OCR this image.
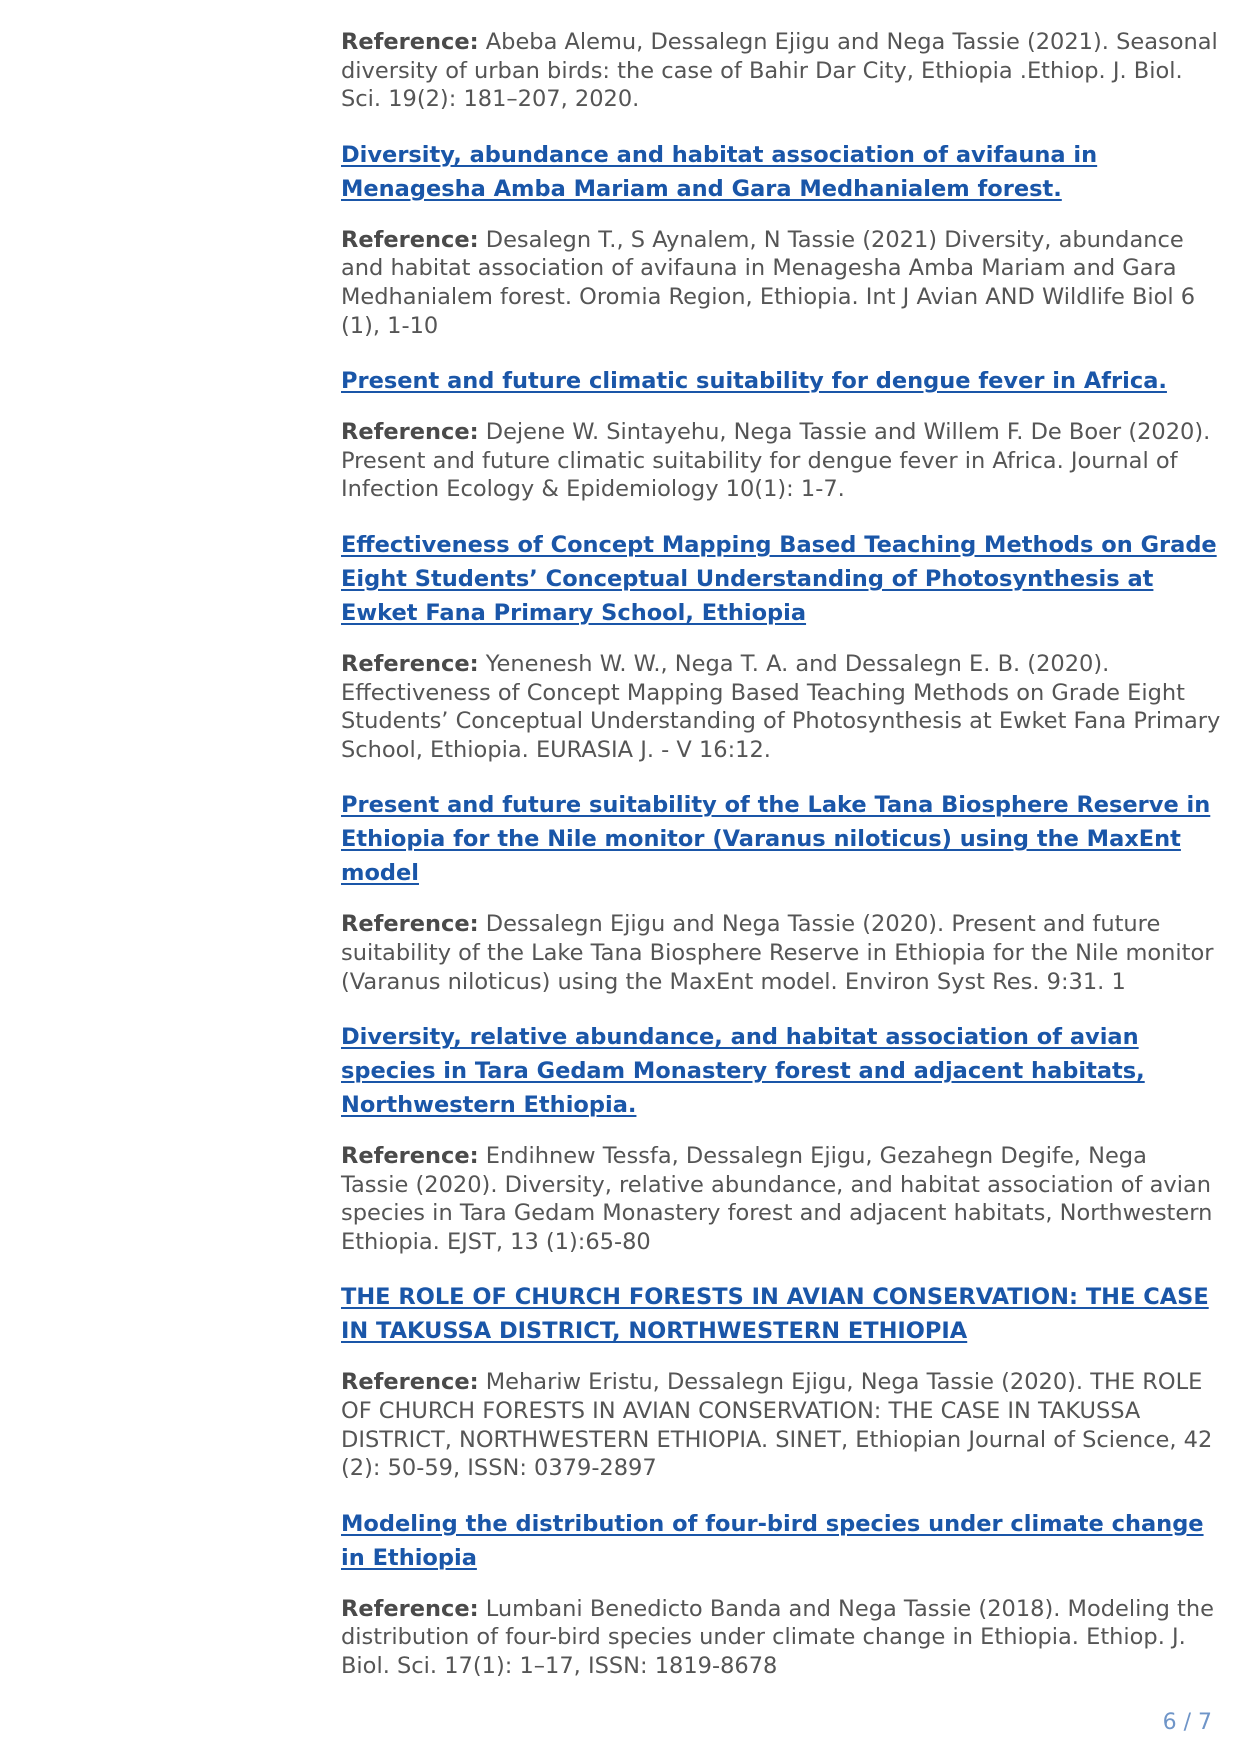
Reference: Abeba Alemu, Dessalegn Ejigu and Nega Tassie (2021). Seasonal diversity of urban birds: the case of Bahir Dar City, Ethiopia .Ethiop. J. Biol. Sci. 19(2): 181–207, 2020.

Diversity, abundance and habitat association of avifauna in Menagesha Amba Mariam and Gara Medhanialem forest.

Reference: Desalegn T., S Aynalem, N Tassie (2021) Diversity, abundance and habitat association of avifauna in Menagesha Amba Mariam and Gara Medhanialem forest. Oromia Region, Ethiopia. Int J Avian AND Wildlife Biol 6 (1), 1-10

Present and future climatic suitability for dengue fever in Africa.

Reference: Dejene W. Sintayehu, Nega Tassie and Willem F. De Boer (2020). Present and future climatic suitability for dengue fever in Africa. Journal of Infection Ecology & Epidemiology 10(1): 1-7.

Effectiveness of Concept Mapping Based Teaching Methods on Grade Eight Students’ Conceptual Understanding of Photosynthesis at Ewket Fana Primary School, Ethiopia

Reference: Yenenesh W. W., Nega T. A. and Dessalegn E. B. (2020). Effectiveness of Concept Mapping Based Teaching Methods on Grade Eight Students’ Conceptual Understanding of Photosynthesis at Ewket Fana Primary School, Ethiopia. EURASIA J. - V 16:12.

Present and future suitability of the Lake Tana Biosphere Reserve in Ethiopia for the Nile monitor (Varanus niloticus) using the MaxEnt model

Reference: Dessalegn Ejigu and Nega Tassie (2020). Present and future suitability of the Lake Tana Biosphere Reserve in Ethiopia for the Nile monitor (Varanus niloticus) using the MaxEnt model. Environ Syst Res. 9:31. 1

Diversity, relative abundance, and habitat association of avian species in Tara Gedam Monastery forest and adjacent habitats, Northwestern Ethiopia.

Reference: Endihnew Tessfa, Dessalegn Ejigu, Gezahegn Degife, Nega Tassie (2020). Diversity, relative abundance, and habitat association of avian species in Tara Gedam Monastery forest and adjacent habitats, Northwestern Ethiopia. EJST, 13 (1):65-80

THE ROLE OF CHURCH FORESTS IN AVIAN CONSERVATION: THE CASE IN TAKUSSA DISTRICT, NORTHWESTERN ETHIOPIA

Reference: Mehariw Eristu, Dessalegn Ejigu, Nega Tassie (2020). THE ROLE OF CHURCH FORESTS IN AVIAN CONSERVATION: THE CASE IN TAKUSSA DISTRICT, NORTHWESTERN ETHIOPIA. SINET, Ethiopian Journal of Science, 42 (2): 50-59, ISSN: 0379-2897

Modeling the distribution of four-bird species under climate change in Ethiopia

Reference: Lumbani Benedicto Banda and Nega Tassie (2018). Modeling the distribution of four-bird species under climate change in Ethiopia. Ethiop. J. Biol. Sci. 17(1): 1–17, ISSN: 1819-8678

6 / 7
